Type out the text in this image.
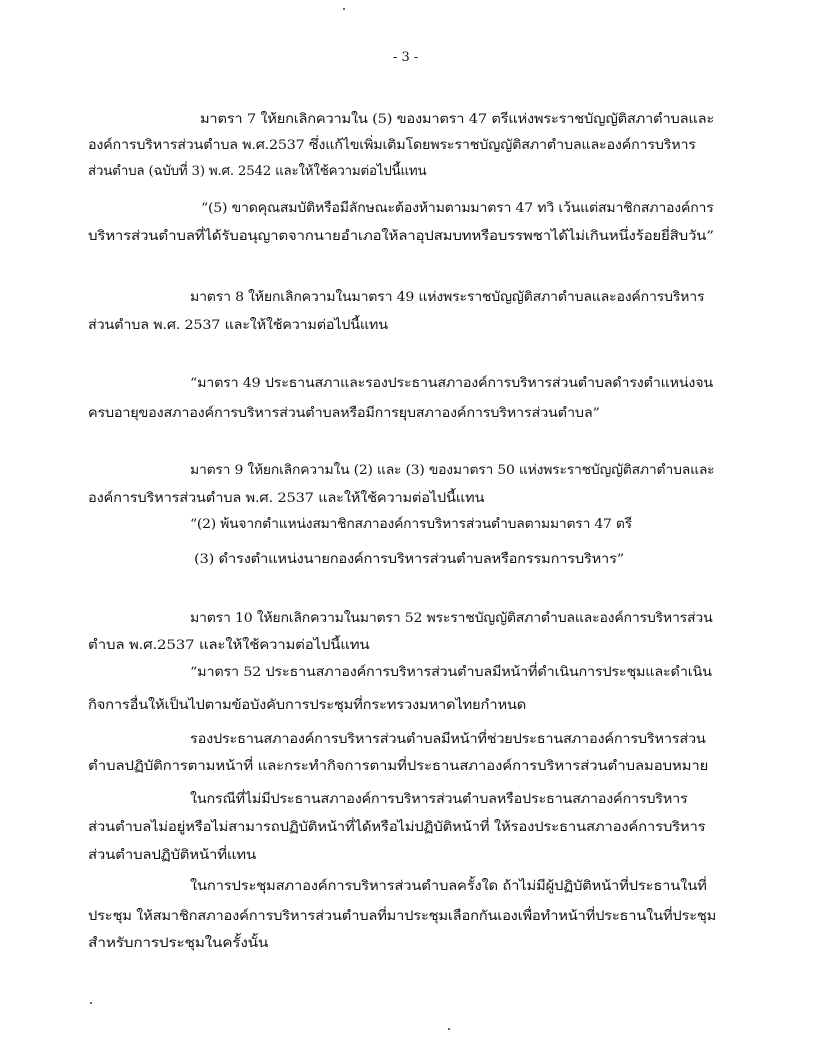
- 3 -
มาตรา 7 ให้ยกเลิกความใน (5) ของมาตรา 47 ตรีแห่งพระราชบัญญัติสภาตำบลและ
องค์การบริหารส่วนตำบล พ.ศ.2537 ซึ่งแก้ไขเพิ่มเติมโดยพระราชบัญญัติสภาตำบลและองค์การบริหาร
ส่วนตำบล (ฉบับที่ 3) พ.ศ. 2542 และให้ใช้ความต่อไปนี้แทน
“(5) ขาดคุณสมบัติหรือมีลักษณะต้องห้ามตามมาตรา 47 ทวิ เว้นแต่สมาชิกสภาองค์การ
บริหารส่วนตำบลที่ได้รับอนุญาตจากนายอำเภอให้ลาอุปสมบทหรือบรรพชาได้ไม่เกินหนึ่งร้อยยี่สิบวัน”
มาตรา 8 ให้ยกเลิกความในมาตรา 49 แห่งพระราชบัญญัติสภาตำบลและองค์การบริหาร
ส่วนตำบล พ.ศ. 2537 และให้ใช้ความต่อไปนี้แทน
“มาตรา 49 ประธานสภาและรองประธานสภาองค์การบริหารส่วนตำบลดำรงตำแหน่งจน
ครบอายุของสภาองค์การบริหารส่วนตำบลหรือมีการยุบสภาองค์การบริหารส่วนตำบล”
มาตรา 9 ให้ยกเลิกความใน (2) และ (3) ของมาตรา 50 แห่งพระราชบัญญัติสภาตำบลและ
องค์การบริหารส่วนตำบล พ.ศ. 2537 และให้ใช้ความต่อไปนี้แทน
“(2) พ้นจากตำแหน่งสมาชิกสภาองค์การบริหารส่วนตำบลตามมาตรา 47 ตรี
(3) ดำรงตำแหน่งนายกองค์การบริหารส่วนตำบลหรือกรรมการบริหาร”
มาตรา 10 ให้ยกเลิกความในมาตรา 52 พระราชบัญญัติสภาตำบลและองค์การบริหารส่วน
ตำบล พ.ศ.2537 และให้ใช้ความต่อไปนี้แทน
“มาตรา 52 ประธานสภาองค์การบริหารส่วนตำบลมีหน้าที่ดำเนินการประชุมและดำเนิน
กิจการอื่นให้เป็นไปตามข้อบังคับการประชุมที่กระทรวงมหาดไทยกำหนด
รองประธานสภาองค์การบริหารส่วนตำบลมีหน้าที่ช่วยประธานสภาองค์การบริหารส่วน
ตำบลปฏิบัติการตามหน้าที่ และกระทำกิจการตามที่ประธานสภาองค์การบริหารส่วนตำบลมอบหมาย
ในกรณีที่ไม่มีประธานสภาองค์การบริหารส่วนตำบลหรือประธานสภาองค์การบริหาร
ส่วนตำบลไม่อยู่หรือไม่สามารถปฏิบัติหน้าที่ได้หรือไม่ปฏิบัติหน้าที่ ให้รองประธานสภาองค์การบริหาร
ส่วนตำบลปฏิบัติหน้าที่แทน
ในการประชุมสภาองค์การบริหารส่วนตำบลครั้งใด ถ้าไม่มีผู้ปฏิบัติหน้าที่ประธานในที่
ประชุม ให้สมาชิกสภาองค์การบริหารส่วนตำบลที่มาประชุมเลือกกันเองเพื่อทำหน้าที่ประธานในที่ประชุม
สำหรับการประชุมในครั้งนั้น
